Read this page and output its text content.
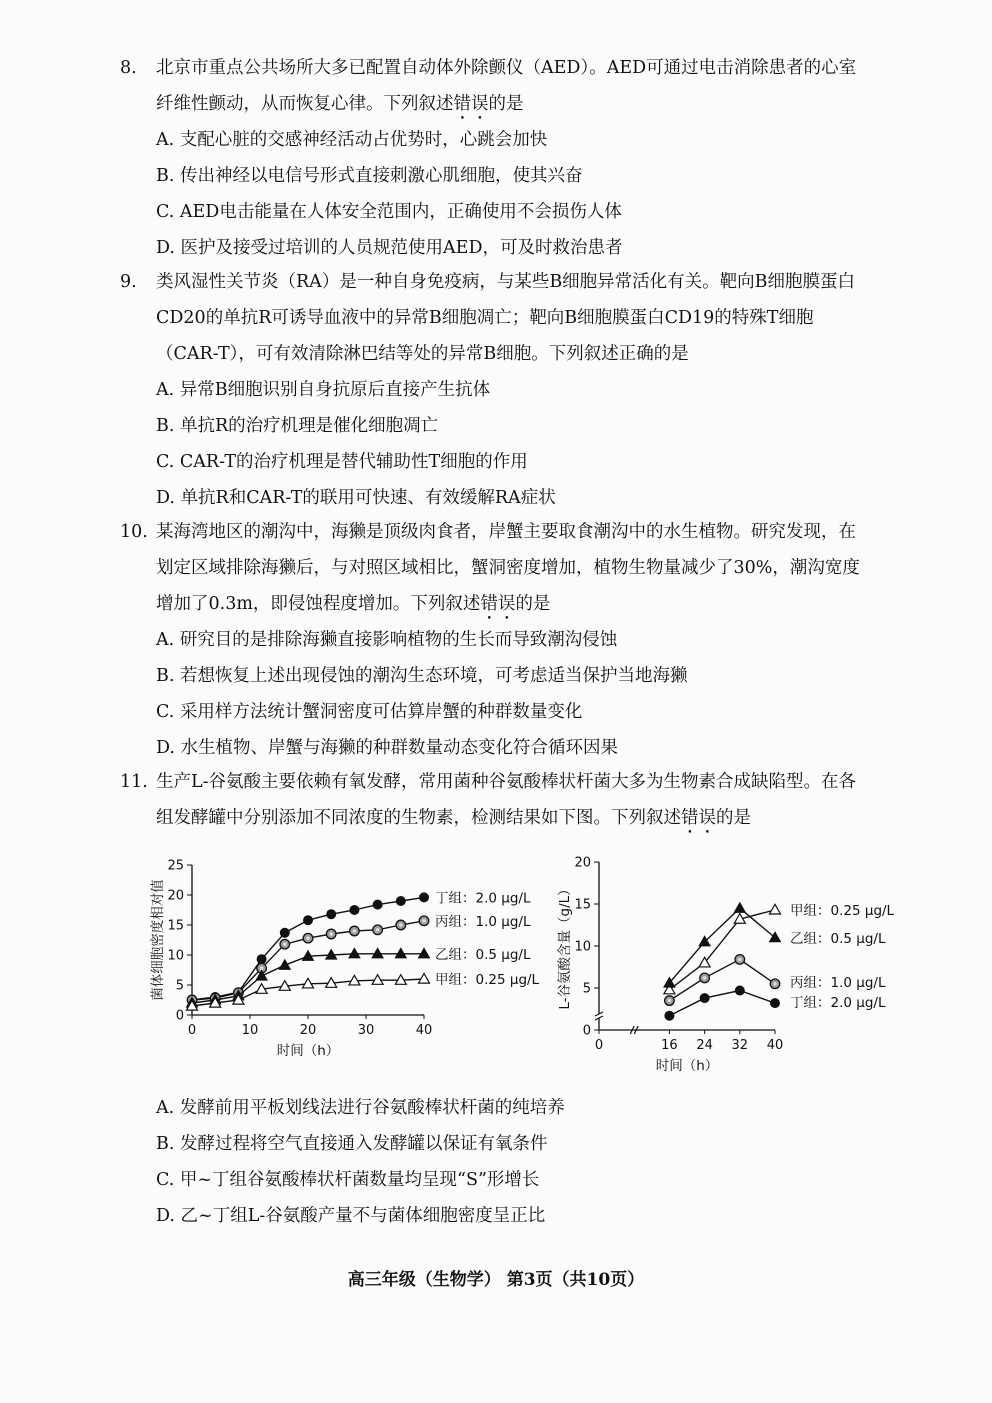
8. 北京市重点公共场所大多已配置自动体外除颤仪（AED）。AED可通过电击消除患者的心室
纤维性颤动，从而恢复心律。下列叙述错误的是
A. 支配心脏的交感神经活动占优势时，心跳会加快
B. 传出神经以电信号形式直接刺激心肌细胞，使其兴奋
C. AED电击能量在人体安全范围内，正确使用不会损伤人体
D. 医护及接受过培训的人员规范使用AED，可及时救治患者
9. 类风湿性关节炎（RA）是一种自身免疫病，与某些B细胞异常活化有关。靶向B细胞膜蛋白
CD20的单抗R可诱导血液中的异常B细胞凋亡；靶向B细胞膜蛋白CD19的特殊T细胞
（CAR-T），可有效清除淋巴结等处的异常B细胞。下列叙述正确的是
A. 异常B细胞识别自身抗原后直接产生抗体
B. 单抗R的治疗机理是催化细胞凋亡
C. CAR-T的治疗机理是替代辅助性T细胞的作用
D. 单抗R和CAR-T的联用可快速、有效缓解RA症状
10. 某海湾地区的潮沟中，海獭是顶级肉食者，岸蟹主要取食潮沟中的水生植物。研究发现，在
划定区域排除海獭后，与对照区域相比，蟹洞密度增加，植物生物量减少了30%，潮沟宽度
增加了0.3m，即侵蚀程度增加。下列叙述错误的是
A. 研究目的是排除海獭直接影响植物的生长而导致潮沟侵蚀
B. 若想恢复上述出现侵蚀的潮沟生态环境，可考虑适当保护当地海獭
C. 采用样方法统计蟹洞密度可估算岸蟹的种群数量变化
D. 水生植物、岸蟹与海獭的种群数量动态变化符合循环因果
11. 生产L-谷氨酸主要依赖有氧发酵，常用菌种谷氨酸棒状杆菌大多为生物素合成缺陷型。在各
组发酵罐中分别添加不同浓度的生物素，检测结果如下图。下列叙述错误的是
0
5
10
15
20
25
0	10	20	30	40
时间（h）
菌体细胞密度相对值	丁组：2.0 μg/L
丙组：1.0 μg/L
乙组：0.5 μg/L
甲组：0.25 μg/L
0
5
10
15
20
0	16 24 32 40
时间（h）
L-谷氨酸含量（g/L）	甲组：0.25 μg/L
乙组：0.5 μg/L
丙组：1.0 μg/L
丁组：2.0 μg/L
A. 发酵前用平板划线法进行谷氨酸棒状杆菌的纯培养
B. 发酵过程将空气直接通入发酵罐以保证有氧条件
C. 甲~丁组谷氨酸棒状杆菌数量均呈现“S”形增长
D. 乙~丁组L-谷氨酸产量不与菌体细胞密度呈正比
高三年级（生物学） 第3页（共10页）
